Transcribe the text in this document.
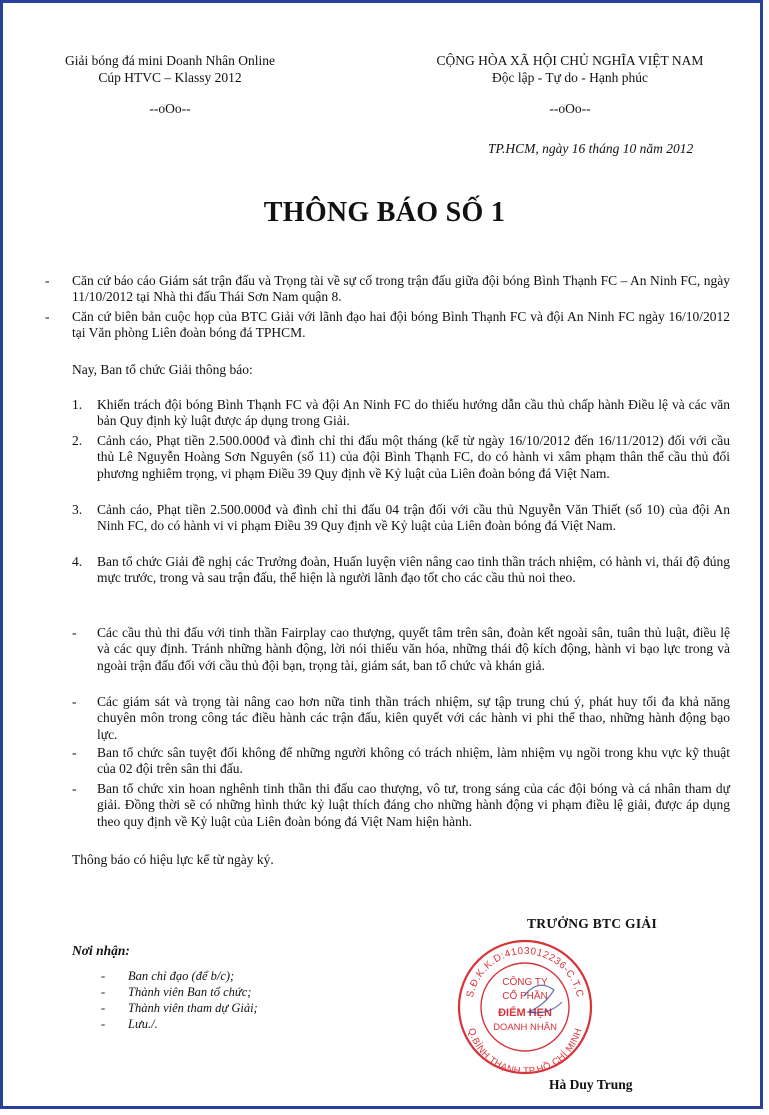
Giải bóng đá mini Doanh Nhân Online
Cúp HTVC – Klassy 2012
--oOo--
CỘNG HÒA XÃ HỘI CHỦ NGHĨA VIỆT NAM
Độc lập - Tự do - Hạnh phúc
--oOo--
TP.HCM, ngày 16 tháng 10 năm 2012
THÔNG BÁO SỐ 1
- Căn cứ báo cáo Giám sát trận đấu và Trọng tài về sự cố trong trận đấu giữa đội bóng Bình Thạnh FC – An Ninh FC, ngày 11/10/2012 tại Nhà thi đấu Thái Sơn Nam quận 8.
- Căn cứ biên bản cuộc họp của BTC Giải với lãnh đạo hai đội bóng Bình Thạnh FC và đội An Ninh FC ngày 16/10/2012 tại Văn phòng Liên đoàn bóng đá TPHCM.
Nay, Ban tổ chức Giải thông báo:
1. Khiển trách đội bóng Bình Thạnh FC và đội An Ninh FC do thiếu hướng dẫn cầu thủ chấp hành Điều lệ và các văn bản Quy định kỷ luật được áp dụng trong Giải.
2. Cảnh cáo, Phạt tiền 2.500.000đ và đình chỉ thi đấu một tháng (kể từ ngày 16/10/2012 đến 16/11/2012) đối với cầu thủ Lê Nguyễn Hoàng Sơn Nguyên (số 11) của đội Bình Thạnh FC, do có hành vi xâm phạm thân thể cầu thủ đối phương nghiêm trọng, vi phạm Điều 39 Quy định về Kỷ luật của Liên đoàn bóng đá Việt Nam.
3. Cảnh cáo, Phạt tiền 2.500.000đ và đình chỉ thi đấu 04 trận đối với cầu thủ Nguyễn Văn Thiết (số 10) của đội An Ninh FC, do có hành vi vi phạm Điều 39 Quy định về Kỷ luật của Liên đoàn bóng đá Việt Nam.
4. Ban tổ chức Giải đề nghị các Trưởng đoàn, Huấn luyện viên nâng cao tinh thần trách nhiệm, có hành vi, thái độ đúng mực trước, trong và sau trận đấu, thể hiện là người lãnh đạo tốt cho các cầu thủ noi theo.
- Các cầu thủ thi đấu với tinh thần Fairplay cao thượng, quyết tâm trên sân, đoàn kết ngoài sân, tuân thủ luật, điều lệ và các quy định. Tránh những hành động, lời nói thiếu văn hóa, những thái độ kích động, hành vi bạo lực trong và ngoài trận đấu đối với cầu thủ đội bạn, trọng tài, giám sát, ban tổ chức và khán giả.
- Các giám sát và trọng tài nâng cao hơn nữa tinh thần trách nhiệm, sự tập trung chú ý, phát huy tối đa khả năng chuyên môn trong công tác điều hành các trận đấu, kiên quyết với các hành vi phi thể thao, những hành động bạo lực.
- Ban tổ chức sân tuyệt đối không để những người không có trách nhiệm, làm nhiệm vụ ngồi trong khu vực kỹ thuật của 02 đội trên sân thi đấu.
- Ban tổ chức xin hoan nghênh tinh thần thi đấu cao thượng, vô tư, trong sáng của các đội bóng và cá nhân tham dự giải. Đồng thời sẽ có những hình thức kỷ luật thích đáng cho những hành động vi phạm điều lệ giải, được áp dụng theo quy định về Kỷ luật của Liên đoàn bóng đá Việt Nam hiện hành.
Thông báo có hiệu lực kể từ ngày ký.
TRƯỞNG BTC GIẢI
S.Đ.K.K.D:4103012236-C.T.C
Q.BÌNH THẠNH TP.HỒ CHÍ MINH
CÔNG TY
CỔ PHẦN
ĐIỂM HẸN
DOANH NHÂN
Hà Duy Trung
Nơi nhận:
- Ban chỉ đạo (để b/c);
- Thành viên Ban tổ chức;
- Thành viên tham dự Giải;
- Lưu./.
